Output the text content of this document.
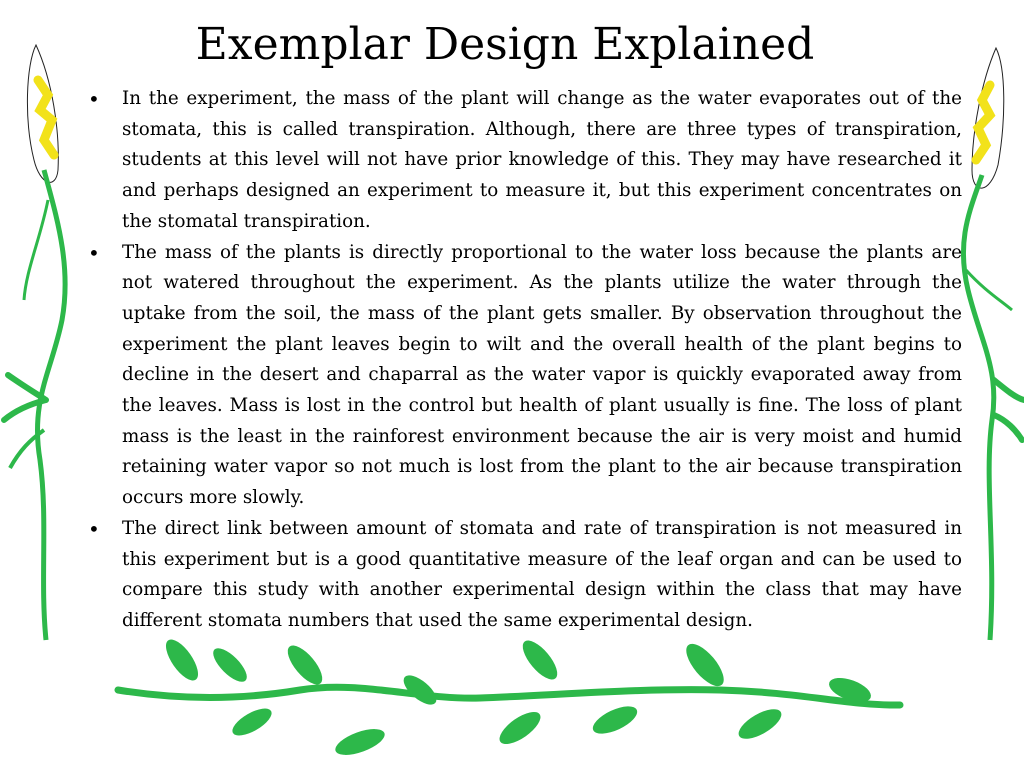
Exemplar Design Explained
• In the experiment, the mass of the plant will change as the water evaporates out of the stomata, this is called transpiration. Although, there are three types of transpiration, students at this level will not have prior knowledge of this. They may have researched it and perhaps designed an experiment to measure it, but this experiment concentrates on the stomatal transpiration.
• The mass of the plants is directly proportional to the water loss because the plants are not watered throughout the experiment. As the plants utilize the water through the uptake from the soil, the mass of the plant gets smaller. By observation throughout the experiment the plant leaves begin to wilt and the overall health of the plant begins to decline in the desert and chaparral as the water vapor is quickly evaporated away from the leaves. Mass is lost in the control but health of plant usually is fine. The loss of plant mass is the least in the rainforest environment because the air is very moist and humid retaining water vapor so not much is lost from the plant to the air because transpiration occurs more slowly.
• The direct link between amount of stomata and rate of transpiration is not measured in this experiment but is a good quantitative measure of the leaf organ and can be used to compare this study with another experimental design within the class that may have different stomata numbers that used the same experimental design.
